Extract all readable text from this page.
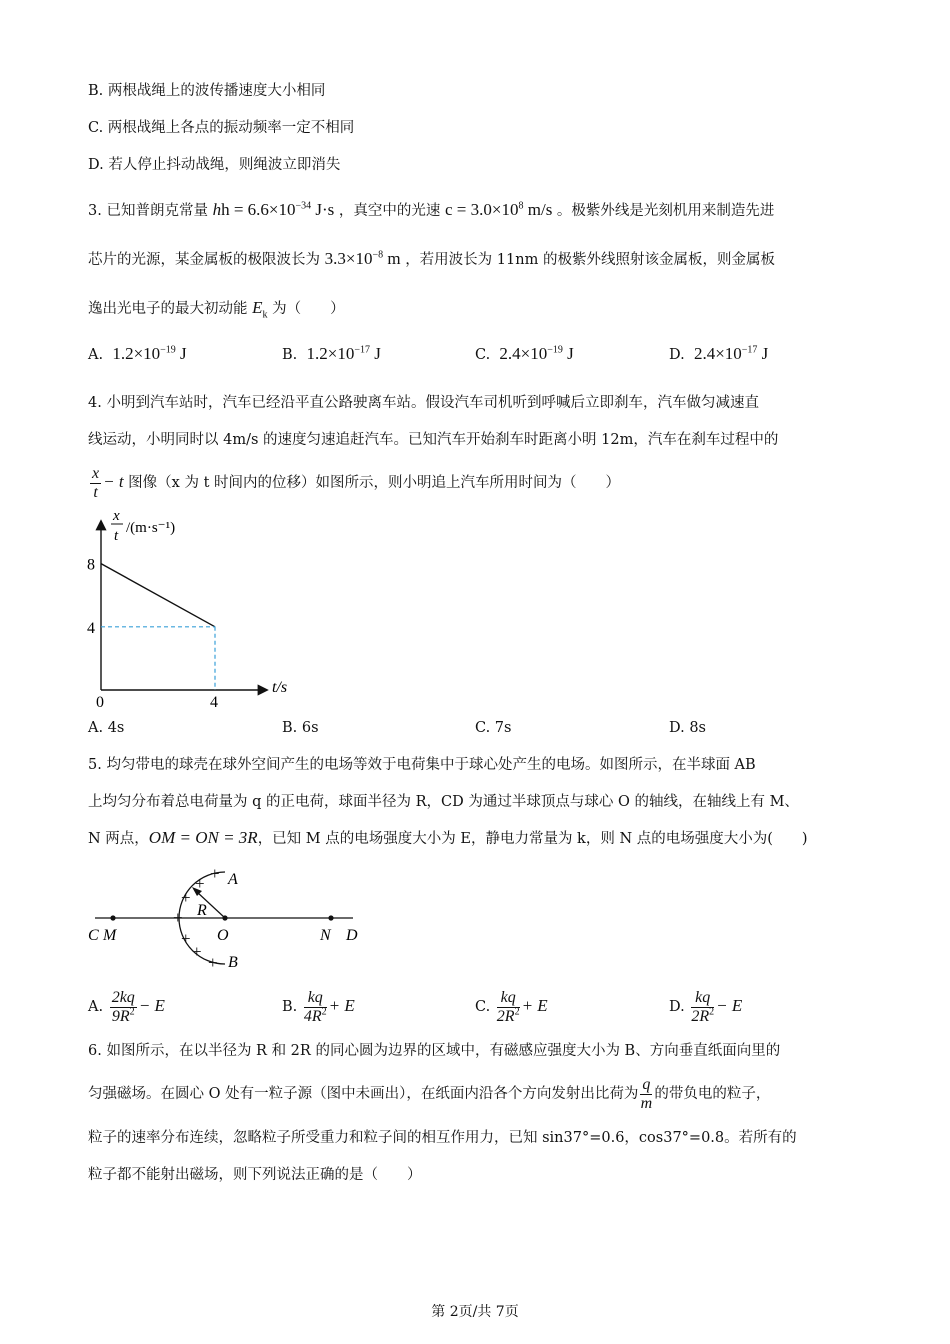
B. 两根战绳上的波传播速度大小相同
C. 两根战绳上各点的振动频率一定不相同
D. 若人停止抖动战绳，则绳波立即消失
3. 已知普朗克常量 hh = $6.6\times 10^{-34}$ J·s ，真空中的光速 $c = 3.0\times 10^8$ m/s 。极紫外线是光刻机用来制造先进
芯片的光源，某金属板的极限波长为 $3.3\times 10^{-8}$ m ，若用波长为 11nm 的极紫外线照射该金属板，则金属板
逸出光电子的最大初动能 $E_k$ 为（　　）
A. $1.2\times 10^{-19}$ J	B. $1.2\times 10^{-17}$ J	C. $2.4\times 10^{-19}$ J	D. $2.4\times 10^{-17}$ J
4. 小明到汽车站时，汽车已经沿平直公路驶离车站。假设汽车司机听到呼喊后立即刹车，汽车做匀减速直
线运动，小明同时以 4m/s 的速度匀速追赶汽车。已知汽车开始刹车时距离小明 12m，汽车在刹车过程中的
$\frac{x}{t} - t$ 图像（x 为 t 时间内的位移）如图所示，则小明追上汽车所用时间为（　　）
4
8
4
x
t /(m·s⁻¹)
t/s
0
A. 4s	B. 6s	C. 7s	D. 8s
5. 均匀带电的球壳在球外空间产生的电场等效于电荷集中于球心处产生的电场。如图所示，在半球面 AB
上均匀分布着总电荷量为 q 的正电荷，球面半径为 R，CD 为通过半球顶点与球心 O 的轴线，在轴线上有 M、
N 两点，OM = ON = 3R，已知 M 点的电场强度大小为 E，静电力常量为 k，则 N 点的电场强度大小为(　　)
+
+
+
+
+
+
+
A
R
B
C M	O	N D
A. $\frac{2kq}{9R^2} - E$	B. $\frac{kq}{4R^2} + E$	C. $\frac{kq}{2R^2} + E$	D. $\frac{kq}{2R^2} - E$
6. 如图所示，在以半径为 R 和 2R 的同心圆为边界的区域中，有磁感应强度大小为 B、方向垂直纸面向里的
匀强磁场。在圆心 O 处有一粒子源（图中未画出），在纸面内沿各个方向发射出比荷为 $\frac{q}{m}$ 的带负电的粒子，
粒子的速率分布连续，忽略粒子所受重力和粒子间的相互作用力，已知 sin37°=0.6，cos37°=0.8。若所有的
粒子都不能射出磁场，则下列说法正确的是（　　）
第 2页/共 7页
